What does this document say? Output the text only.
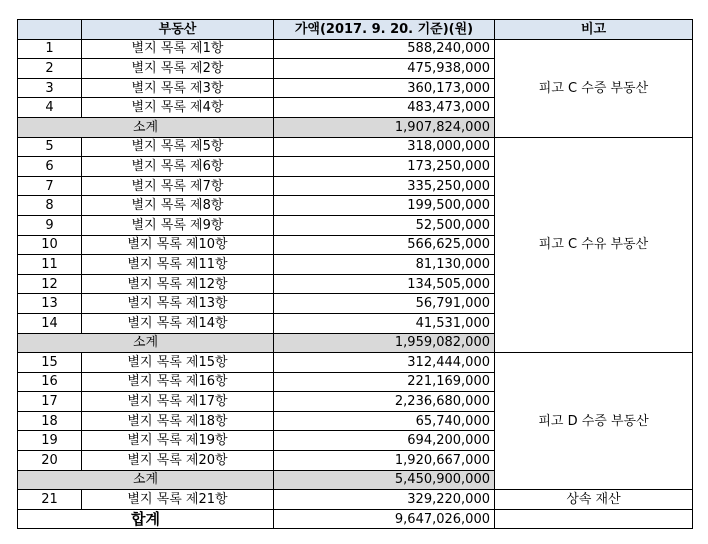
	부동산	가액(2017. 9. 20. 기준)(원)	비고
1	별지 목록 제1항	588,240,000	피고 C 수증 부동산
2	별지 목록 제2항	475,938,000	
3	별지 목록 제3항	360,173,000	
4	별지 목록 제4항	483,473,000	
소계		1,907,824,000	
5	별지 목록 제5항	318,000,000	피고 C 수유 부동산
6	별지 목록 제6항	173,250,000	
7	별지 목록 제7항	335,250,000	
8	별지 목록 제8항	199,500,000	
9	별지 목록 제9항	52,500,000	
10	별지 목록 제10항	566,625,000	
11	별지 목록 제11항	81,130,000	
12	별지 목록 제12항	134,505,000	
13	별지 목록 제13항	56,791,000	
14	별지 목록 제14항	41,531,000	
소계		1,959,082,000	
15	별지 목록 제15항	312,444,000	피고 D 수증 부동산
16	별지 목록 제16항	221,169,000	
17	별지 목록 제17항	2,236,680,000	
18	별지 목록 제18항	65,740,000	
19	별지 목록 제19항	694,200,000	
20	별지 목록 제20항	1,920,667,000	
소계		5,450,900,000	
21	별지 목록 제21항	329,220,000	상속 재산
합계		9,647,026,000	
